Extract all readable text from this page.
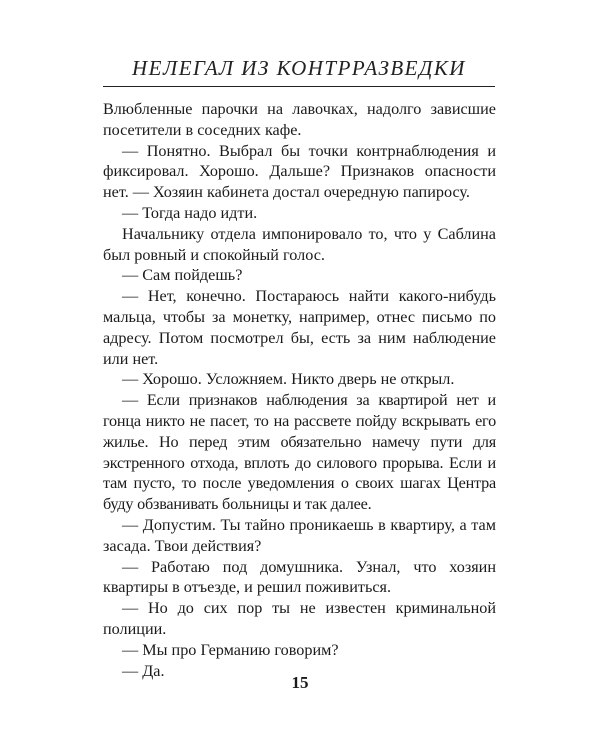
НЕЛЕГАЛ ИЗ КОНТРРАЗВЕДКИ

Влюбленные парочки на лавочках, надолго зависшие посетители в соседних кафе.

— Понятно. Выбрал бы точки контрнаблюдения и фиксировал. Хорошо. Дальше? Признаков опасности нет. — Хозяин кабинета достал очередную папиросу.

— Тогда надо идти.

Начальнику отдела импонировало то, что у Саблина был ровный и спокойный голос.

— Сам пойдешь?

— Нет, конечно. Постараюсь найти какого-нибудь мальца, чтобы за монетку, например, отнес письмо по адресу. Потом посмотрел бы, есть за ним наблюдение или нет.

— Хорошо. Усложняем. Никто дверь не открыл.

— Если признаков наблюдения за квартирой нет и гонца никто не пасет, то на рассвете пойду вскрывать его жилье. Но перед этим обязательно намечу пути для экстренного отхода, вплоть до силового прорыва. Если и там пусто, то после уведомления о своих шагах Центра буду обзванивать больницы и так далее.

— Допустим. Ты тайно проникаешь в квартиру, а там засада. Твои действия?

— Работаю под домушника. Узнал, что хозяин квартиры в отъезде, и решил поживиться.

— Но до сих пор ты не известен криминальной полиции.

— Мы про Германию говорим?

— Да.

15
